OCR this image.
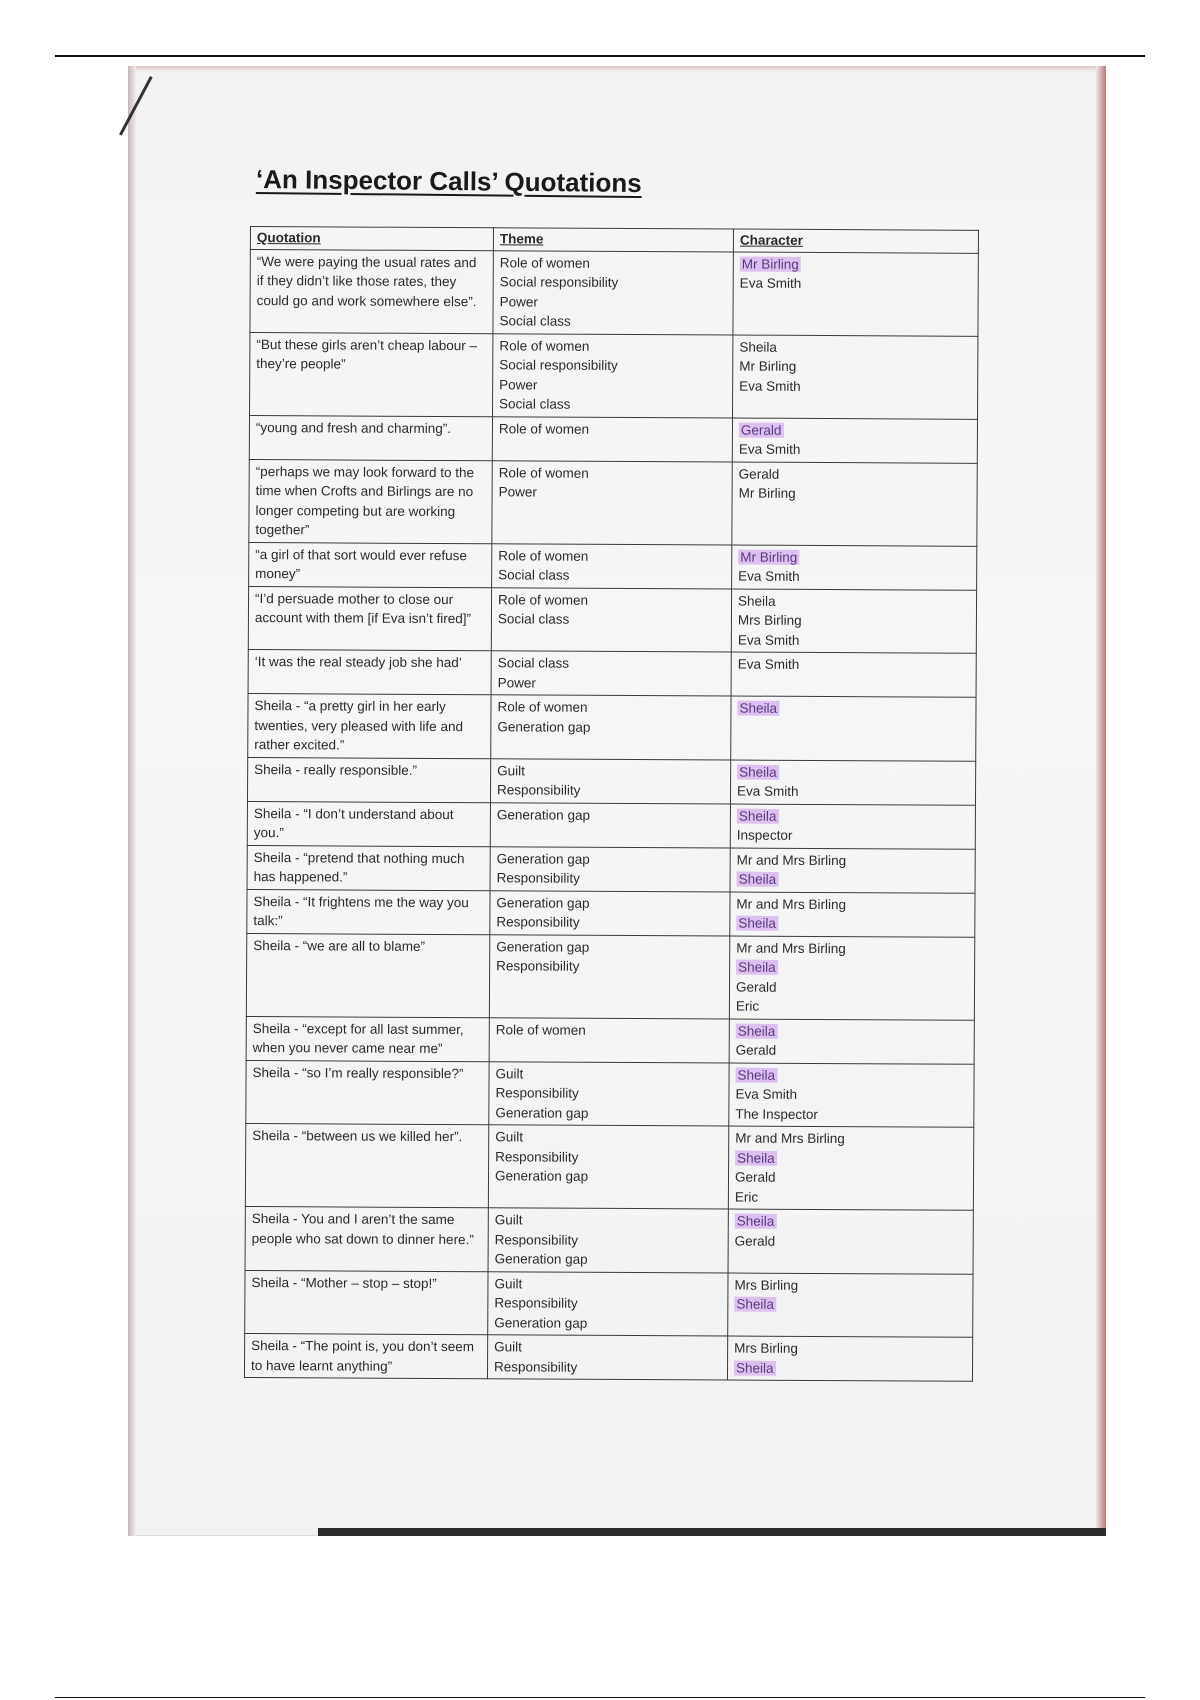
‘An Inspector Calls’ Quotations
Quotation	Theme	Character
“We were paying the usual rates and if they didn’t like those rates, they could go and work somewhere else”.	Role of women
Social responsibility
Power
Social class	Mr Birling
Eva Smith

“But these girls aren’t cheap labour – they’re people”	Role of women
Social responsibility
Power
Social class	Sheila
Mr Birling
Eva Smith

“young and fresh and charming”.	Role of women	Gerald
Eva Smith

“perhaps we may look forward to the time when Crofts and Birlings are no longer competing but are working together”	Role of women
Power	Gerald
Mr Birling

“a girl of that sort would ever refuse money”	Role of women
Social class	Mr Birling
Eva Smith

“I’d persuade mother to close our account with them [if Eva isn’t fired]”	Role of women
Social class	Sheila
Mrs Birling
Eva Smith

‘It was the real steady job she had’	Social class
Power	Eva Smith

Sheila - “a pretty girl in her early twenties, very pleased with life and rather excited.”	Role of women
Generation gap	Sheila

Sheila - really responsible.”	Guilt
Responsibility	Sheila
Eva Smith

Sheila - “I don’t understand about you.”	Generation gap	Sheila
Inspector

Sheila - “pretend that nothing much has happened.”	Generation gap
Responsibility	Mr and Mrs Birling
Sheila

Sheila - “It frightens me the way you talk:”	Generation gap
Responsibility	Mr and Mrs Birling
Sheila

Sheila - “we are all to blame”	Generation gap
Responsibility	Mr and Mrs Birling
Sheila
Gerald
Eric

Sheila - “except for all last summer, when you never came near me”	Role of women	Sheila
Gerald

Sheila - “so I’m really responsible?”	Guilt
Responsibility
Generation gap	Sheila
Eva Smith
The Inspector

Sheila - “between us we killed her”.	Guilt
Responsibility
Generation gap	Mr and Mrs Birling
Sheila
Gerald
Eric

Sheila - You and I aren’t the same people who sat down to dinner here.”	Guilt
Responsibility
Generation gap	Sheila
Gerald

Sheila - “Mother – stop – stop!”	Guilt
Responsibility
Generation gap	Mrs Birling
Sheila

Sheila - “The point is, you don’t seem to have learnt anything”	Guilt
Responsibility	Mrs Birling
Sheila
